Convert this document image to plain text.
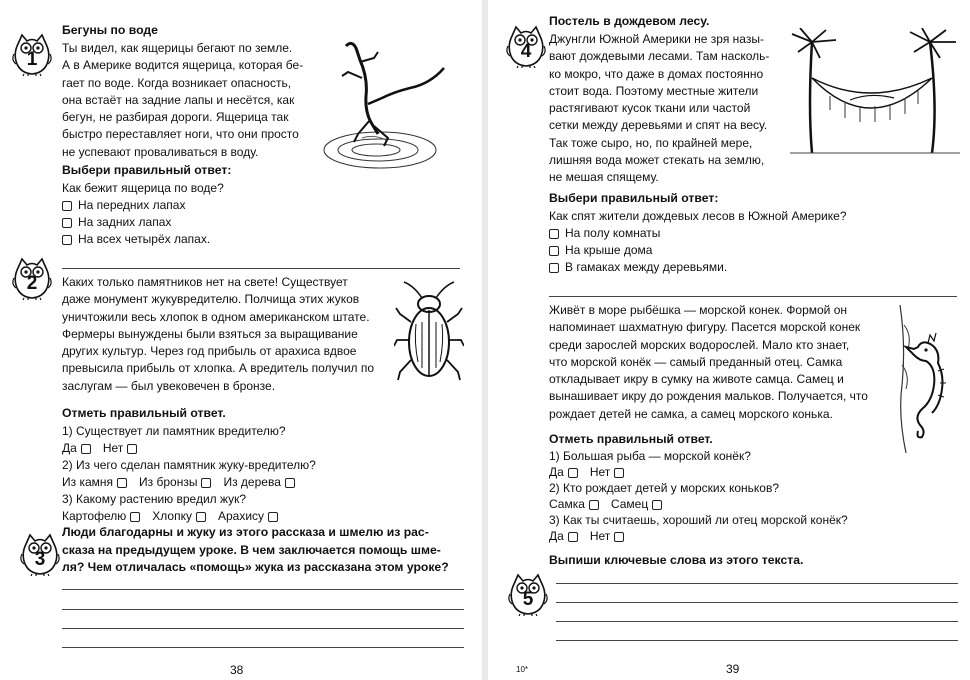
1
Бегуны по воде
Ты видел, как ящерицы бегают по земле.
А в Америке водится ящерица, которая бе-
гает по воде. Когда возникает опасность,
она встаёт на задние лапы и несётся, как
бегун, не разбирая дороги. Ящерица так
быстро переставляет ноги, что они просто
не успевают проваливаться в воду.
Выбери правильный ответ:
Как бежит ящерица по воде?
На передних лапах
На задних лапах
На всех четырёх лапах.
2	Каких только памятников нет на свете! Существует
даже монумент жукувредителю. Полчища этих жуков
уничтожили весь хлопок в одном американском штате.
Фермеры вынуждены были взяться за выращивание
других культур. Через год прибыль от арахиса вдвое
превысила прибыль от хлопка. А вредитель получил по
заслугам — был увековечен в бронзе.
Отметь правильный ответ.
1) Существует ли памятник вредителю?
Да Нет
2) Из чего сделан памятник жуку-вредителю?
Из камня Из бронзы Из дерева
3) Какому растению вредил жук?
Картофелю Хлопку Арахису
3
Люди благодарны и жуку из этого рассказа и шмелю из рас-
сказа на предыдущем уроке. В чем заключается помощь шме-
ля? Чем отличалась «помощь» жука из рассказана этом уроке?
38
4
Постель в дождевом лесу.
Джунгли Южной Америки не зря назы-
вают дождевыми лесами. Там насколь-
ко мокро, что даже в домах постоянно
стоит вода. Поэтому местные жители
растягивают кусок ткани или частой
сетки между деревьями и спят на весу.
Так тоже сыро, но, по крайней мере,
лишняя вода может стекать на землю,
не мешая спящему.
Выбери правильный ответ:
Как спят жители дождевых лесов в Южной Америке?
На полу комнаты
На крыше дома
В гамаках между деревьями.
Живёт в море рыбёшка — морской конек. Формой он
напоминает шахматную фигуру. Пасется морской конек
среди зарослей морских водорослей. Мало кто знает,
что морской конёк — самый преданный отец. Самка
откладывает икру в сумку на животе самца. Самец и
вынашивает икру до рождения мальков. Получается, что
рождает детей не самка, а самец морского конька.
Отметь правильный ответ.
1) Большая рыба — морской конёк?
Да Нет
2) Кто рождает детей у морских коньков?
Самка Самец
3) Как ты считаешь, хороший ли отец морской конёк?
Да Нет
5
Выпиши ключевые слова из этого текста.
10*	39
